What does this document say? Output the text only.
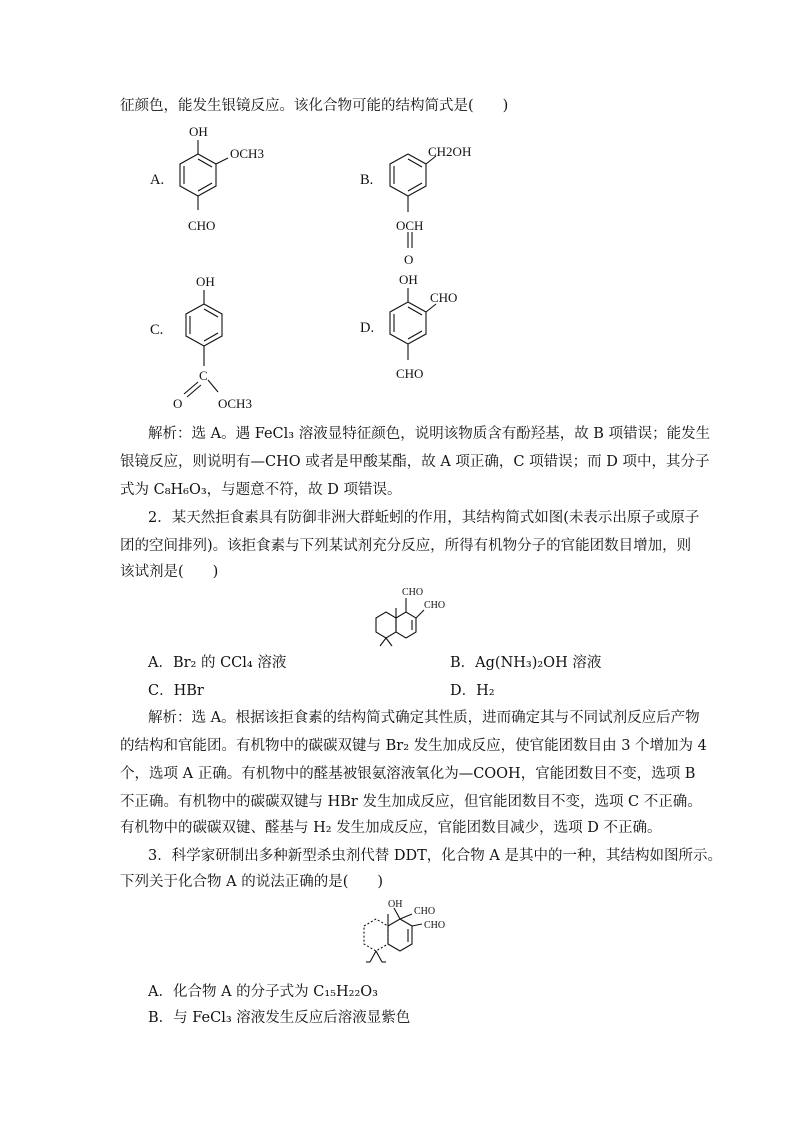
征颜色，能发生银镜反应。该化合物可能的结构简式是(　　)
A.
OH
OCH3
CHO
B.
CH2OH
OCH
O
C.
OH
C
O	OCH3
D.
OH
CHO
CHO
解析：选 A。遇 FeCl₃ 溶液显特征颜色，说明该物质含有酚羟基，故 B 项错误；能发生
银镜反应，则说明有—CHO 或者是甲酸某酯，故 A 项正确，C 项错误；而 D 项中，其分子
式为 C₈H₆O₃，与题意不符，故 D 项错误。
2．某天然拒食素具有防御非洲大群蚯蚓的作用，其结构简式如图(未表示出原子或原子
团的空间排列)。该拒食素与下列某试剂充分反应，所得有机物分子的官能团数目增加，则
该试剂是(　　)
CHO
CHO
A．Br₂ 的 CCl₄ 溶液	B．Ag(NH₃)₂OH 溶液
C．HBr	D．H₂
解析：选 A。根据该拒食素的结构简式确定其性质，进而确定其与不同试剂反应后产物
的结构和官能团。有机物中的碳碳双键与 Br₂ 发生加成反应，使官能团数目由 3 个增加为 4
个，选项 A 正确。有机物中的醛基被银氨溶液氧化为—COOH，官能团数目不变，选项 B
不正确。有机物中的碳碳双键与 HBr 发生加成反应，但官能团数目不变，选项 C 不正确。
有机物中的碳碳双键、醛基与 H₂ 发生加成反应，官能团数目减少，选项 D 不正确。
3．科学家研制出多种新型杀虫剂代替 DDT，化合物 A 是其中的一种，其结构如图所示。
下列关于化合物 A 的说法正确的是(　　)
OH
CHO
CHO
A．化合物 A 的分子式为 C₁₅H₂₂O₃
B．与 FeCl₃ 溶液发生反应后溶液显紫色
